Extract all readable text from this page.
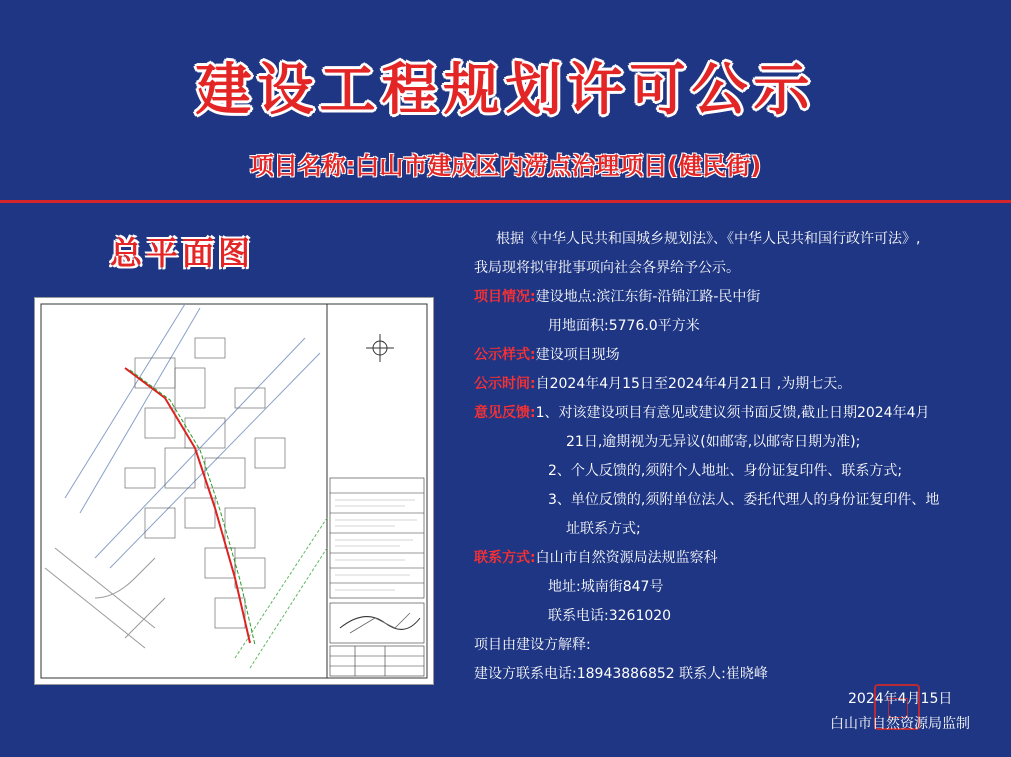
建设工程规划许可公示
项目名称:白山市建成区内涝点治理项目(健民街)
总平面图	根据《中华人民共和国城乡规划法》、《中华人民共和国行政许可法》,
我局现将拟审批事项向社会各界给予公示。
项目情况:建设地点:滨江东街-沿锦江路-民中街
用地面积:5776.0平方米
公示样式:建设项目现场
公示时间:自2024年4月15日至2024年4月21日 ,为期七天。
意见反馈:1、对该建设项目有意见或建议须书面反馈,截止日期2024年4月
21日,逾期视为无异议(如邮寄,以邮寄日期为准);
2、个人反馈的,须附个人地址、身份证复印件、联系方式;
3、单位反馈的,须附单位法人、委托代理人的身份证复印件、地
址联系方式;
联系方式:白山市自然资源局法规监察科
地址:城南街847号
联系电话:3261020
项目由建设方解释:
建设方联系电话:18943886852 联系人:崔晓峰
2024年4月15日
白山市自然资源局监制
